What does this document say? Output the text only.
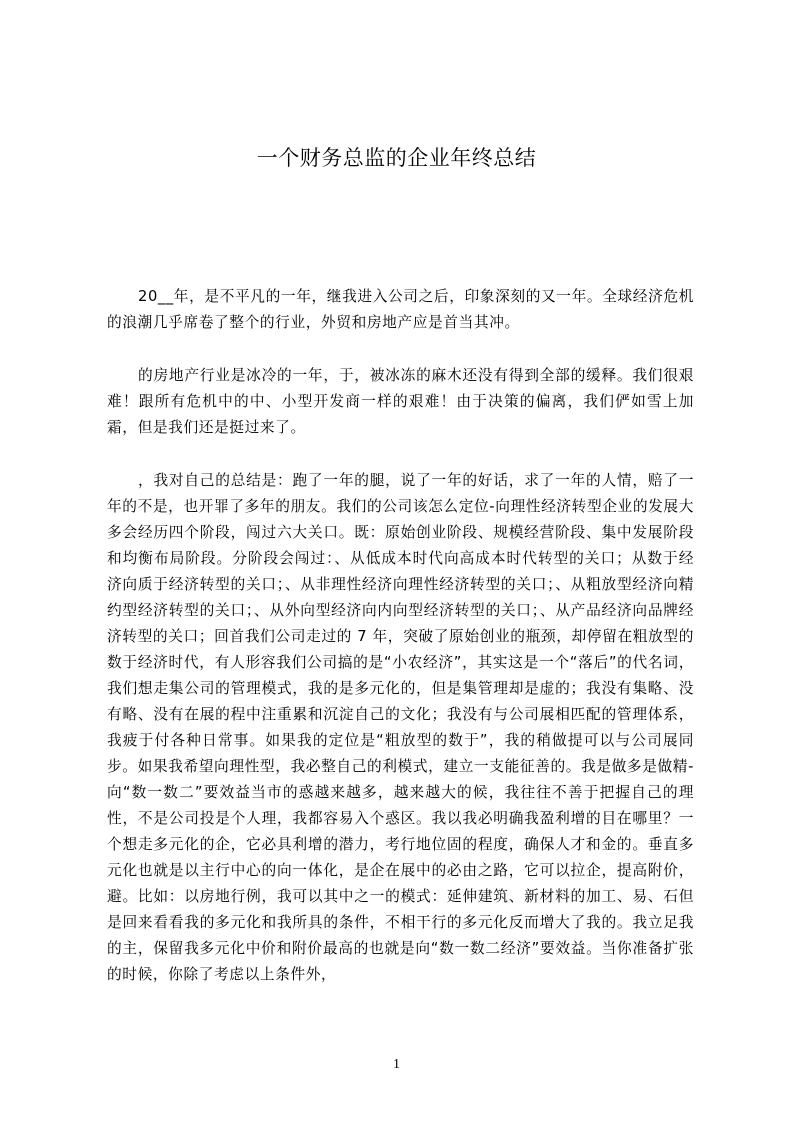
一个财务总监的企业年终总结

20__年，是不平凡的一年，继我进入公司之后，印象深刻的又一年。全球经济危机的浪潮几乎席卷了整个的行业，外贸和房地产应是首当其冲。

的房地产行业是冰冷的一年，于，被冰冻的麻木还没有得到全部的缓释。我们很艰难！跟所有危机中的中、小型开发商一样的艰难！由于决策的偏离，我们俨如雪上加霜，但是我们还是挺过来了。

，我对自己的总结是：跑了一年的腿，说了一年的好话，求了一年的人情，赔了一年的不是，也开罪了多年的朋友。我们的公司该怎么定位-向理性经济转型企业的发展大多会经历四个阶段，闯过六大关口。既：原始创业阶段、规模经营阶段、集中发展阶段和均衡布局阶段。分阶段会闯过：、从低成本时代向高成本时代转型的关口；从数于经济向质于经济转型的关口；、从非理性经济向理性经济转型的关口；、从粗放型经济向精约型经济转型的关口；、从外向型经济向内向型经济转型的关口；、从产品经济向品牌经济转型的关口；回首我们公司走过的 7 年，突破了原始创业的瓶颈，却停留在粗放型的数于经济时代，有人形容我们公司搞的是“小农经济”，其实这是一个“落后”的代名词，我们想走集公司的管理模式，我的是多元化的，但是集管理却是虚的；我没有集略、没有略、没有在展的程中注重累和沉淀自己的文化；我没有与公司展相匹配的管理体系，我疲于付各种日常事。如果我的定位是“粗放型的数于”，我的稍做提可以与公司展同步。如果我希望向理性型，我必整自己的利模式，建立一支能征善的。我是做多是做精-向“数一数二”要效益当市的惑越来越多，越来越大的候，我往往不善于把握自己的理性，不是公司投是个人理，我都容易入个惑区。我以我必明确我盈利增的目在哪里？一个想走多元化的企，它必具利增的潜力，考行地位固的程度，确保人才和金的。垂直多元化也就是以主行中心的向一体化，是企在展中的必由之路，它可以拉企，提高附价，避。比如：以房地行例，我可以其中之一的模式：延伸建筑、新材料的加工、易、石但是回来看看我的多元化和我所具的条件，不相干行的多元化反而增大了我的。我立足我的主，保留我多元化中价和附价最高的也就是向“数一数二经济”要效益。当你准备扩张的时候，你除了考虑以上条件外，

1
